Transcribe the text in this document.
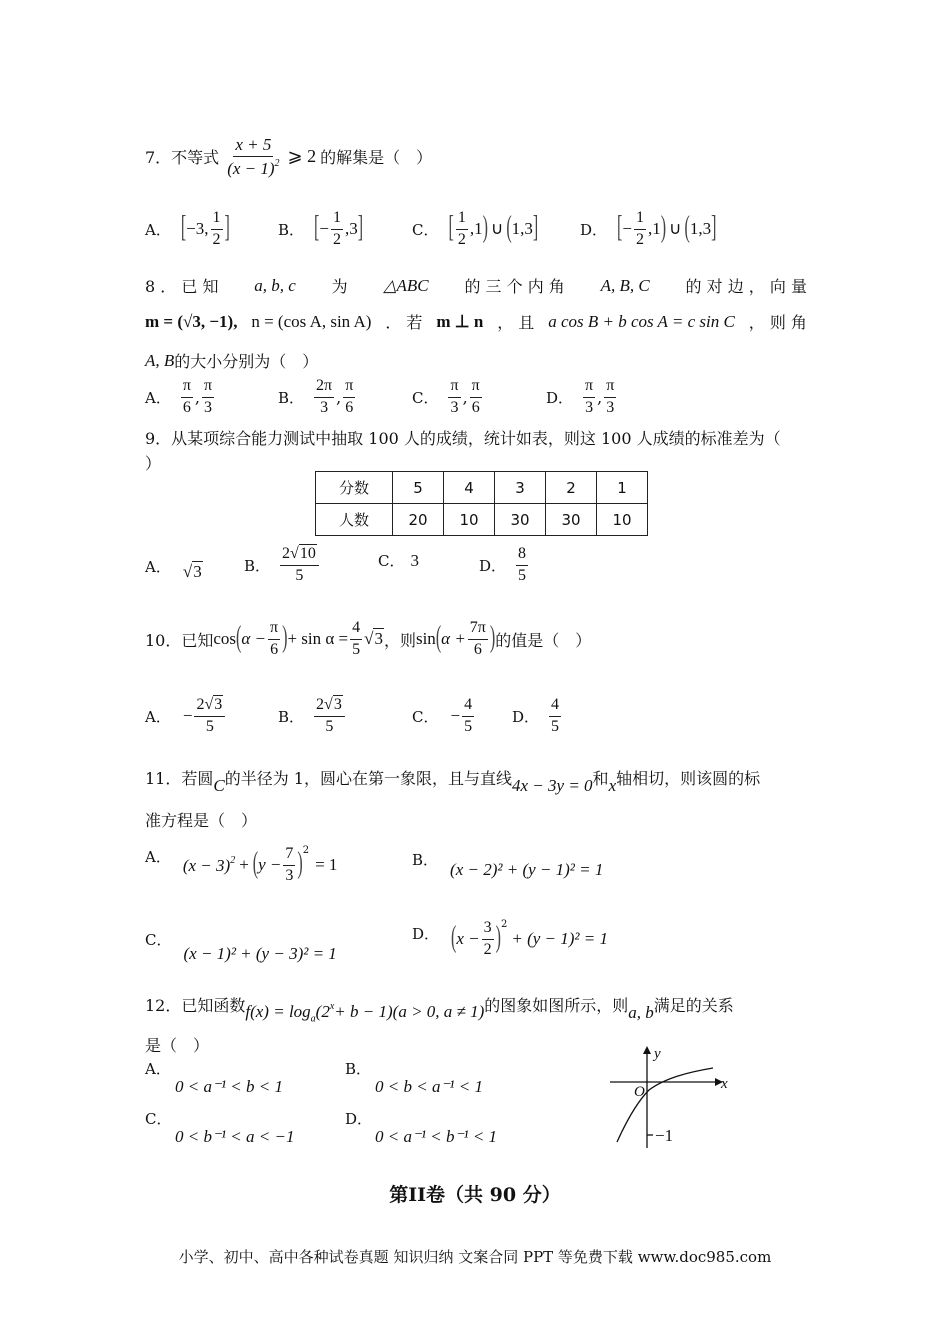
7．不等式 $\frac{x + 5}{(x - 1)^2}$ ⩾ 2 的解集是（　）
A． [ −3, $\frac{1}{2}$ ]	B． [ − $\frac{1}{2} ,3$ ]	C． [ $\frac{1}{2} ,1$ ) ∪ ( 1,3 ]	D． [ − $\frac{1}{2} ,1$ ) ∪ ( 1,3 ]
8 ． 已 知 a, b, c 为 △ABC 的 三 个 内 角 A, B, C 的 对 边 ， 向 量
m = (√3, −1), n = (cos A, sin A) ． 若 m ⊥ n ， 且 a cos B + b cos A = c sin C ， 则 角
A, B 的大小分别为（　）
A． $\frac{\pi}{6}$ , $\frac{\pi}{3}$	B． $\frac{2\pi}{3}$ , $\frac{\pi}{6}$	C． $\frac{\pi}{3}$ , $\frac{\pi}{6}$	D． $\frac{\pi}{3}$ , $\frac{\pi}{3}$
9．从某项综合能力测试中抽取 100 人的成绩，统计如表，则这 100 人成绩的标准差为（
）
分数	5	4	3	2	1
人数	20	10	30	30	10
A． √3	B． $\frac{2√10}{5}$	C． 3	D． $\frac{8}{5}$
10．已知 cos ( $\alpha - \frac{\pi}{6}$ ) + $\sin \alpha = \frac{4}{5} √3$ ，则 sin ( $\alpha + \frac{7\pi}{6}$ ) 的值是（　）
A． − $\frac{2√3}{5}$	B． $\frac{2√3}{5}$	C． − $\frac{4}{5}$	D． $\frac{4}{5}$
11．若圆 C 的半径为 1，圆心在第一象限，且与直线 4x − 3y = 0 和 x 轴相切，则该圆的标
准方程是（　）
A． $(x - 3)^2$ + ( $y - \frac{7}{3} )^2$
= 1	B．
(x − 2)² + (y − 1)² = 1
C．
(x − 1)² + (y − 3)² = 1
D． ( $x - \frac{3}{2} )^2$
+ (y − 1)² = 1
12．已知函数 $f(x) = \log_a(2^x+ b - 1)(a > 0$, a ≠ 1) 的图象如图所示，则 a, b 满足的关系
是（　）
A．
0 < a⁻¹ < b < 1
B．
0 < b < a⁻¹ < 1
C．
0 < b⁻¹ < a < −1
D．
0 < a⁻¹ < b⁻¹ < 1
x
y
O
−1
第II卷（共 90 分）
小学、初中、高中各种试卷真题 知识归纳 文案合同 PPT 等免费下载 www.doc985.com
